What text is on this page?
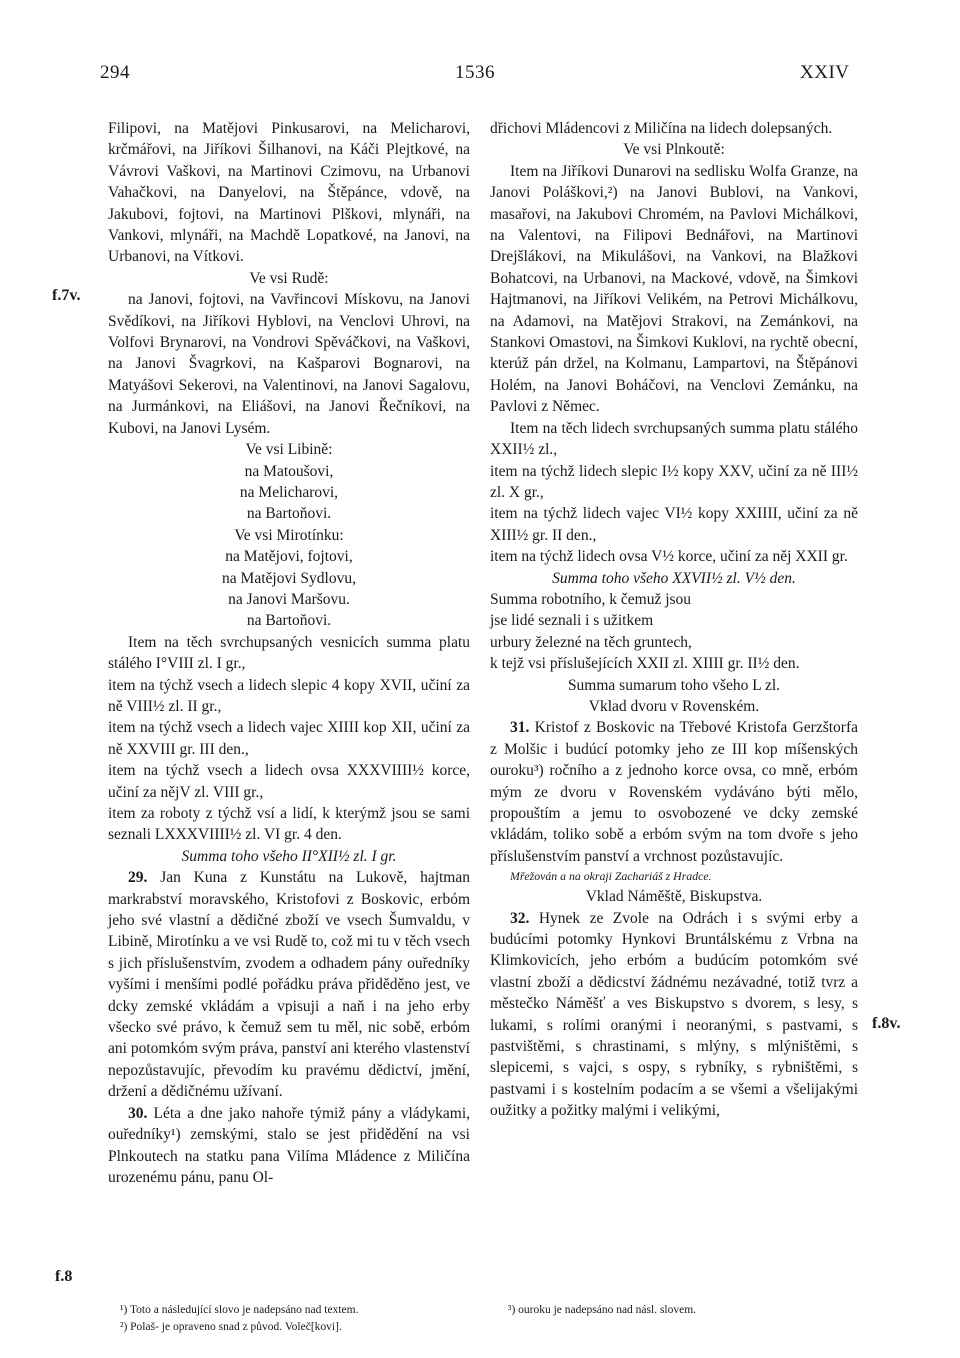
294	1536	XXIV
f.7v.
f.8
f.8v.

Filipovi, na Matějovi Pinkusarovi, na Melicharovi, krčmářovi, na Jiříkovi Šilhanovi, na Káči Plejtkové, na Vávrovi Vaškovi, na Martinovi Czimovu, na Urbanovi Vahačkovi, na Danyelovi, na Štěpánce, vdově, na Jakubovi, fojtovi, na Martinovi Plškovi, mlynáři, na Vankovi, mlynáři, na Machdě Lopatkové, na Janovi, na Urbanovi, na Vítkovi.

Ve vsi Rudě:

na Janovi, fojtovi, na Vavřincovi Mískovu, na Janovi Svědíkovi, na Jiříkovi Hyblovi, na Venclovi Uhrovi, na Volfovi Brynarovi, na Vondrovi Spěváčkovi, na Vaškovi, na Janovi Švagrkovi, na Kašparovi Bognarovi, na Matyášovi Sekerovi, na Valentinovi, na Janovi Sagalovu, na Jurmánkovi, na Eliášovi, na Janovi Řečníkovi, na Kubovi, na Janovi Lysém.

Ve vsi Libině:

na Matoušovi,

na Melicharovi,

na Bartoňovi.

Ve vsi Mirotínku:

na Matějovi, fojtovi,

na Matějovi Sydlovu,

na Janovi Maršovu.

na Bartoňovi.

Item na těch svrchupsaných vesnicích summa platu stálého I°VIII zl. I gr.,

item na týchž vsech a lidech slepic 4 kopy XVII, učiní za ně VIII½ zl. II gr.,

item na týchž vsech a lidech vajec XIIII kop XII, učiní za ně XXVIII gr. III den.,

item na týchž vsech a lidech ovsa XXXVIIII½ korce, učiní za nějV zl. VIII gr.,

item za roboty z týchž vsí a lidí, k kterýmž jsou se sami seznali LXXXVIIII½ zl. VI gr. 4 den.

Summa toho všeho II°XII½ zl. I gr.

29. Jan Kuna z Kunstátu na Lukově, hajtman markrabství moravského, Kristofovi z Boskovic, erbóm jeho své vlastní a dědičné zboží ve vsech Šumvaldu, v Libině, Mirotínku a ve vsi Rudě to, což mi tu v těch vsech s jich příslušenstvím, zvodem a odhadem pány ouředníky vyšími i menšími podlé pořádku práva přiděděno jest, ve dcky zemské vkládám a vpisuji a naň i na jeho erby všecko své právo, k čemuž sem tu měl, nic sobě, erbóm ani potomkóm svým práva, panství ani kterého vlastenství nepozůstavujíc, převodím ku pravému dědictví, jmění, držení a dědičnému užívaní.

30. Léta a dne jako nahoře týmiž pány a vládykami, ouředníky¹) zemskými, stalo se jest přidědění na vsi Plnkoutech na statku pana Vilíma Mládence z Miličína urozenému pánu, panu Ol-

dřichovi Mládencovi z Miličína na lidech dolepsaných.

Ve vsi Plnkoutě:

Item na Jiříkovi Dunarovi na sedlisku Wolfa Granze, na Janovi Poláškovi,²) na Janovi Bublovi, na Vankovi, masařovi, na Jakubovi Chromém, na Pavlovi Michálkovi, na Valentovi, na Filipovi Bednářovi, na Martinovi Drejšlákovi, na Mikulášovi, na Vankovi, na Blažkovi Bohatcovi, na Urbanovi, na Mackové, vdově, na Šimkovi Hajtmanovi, na Jiříkovi Velikém, na Petrovi Michálkovu, na Adamovi, na Matějovi Strakovi, na Zemánkovi, na Stankovi Omastovi, na Šimkovi Kuklovi, na rychtě obecní, kterúž pán držel, na Kolmanu, Lampartovi, na Štěpánovi Holém, na Janovi Boháčovi, na Venclovi Zemánku, na Pavlovi z Němec.

Item na těch lidech svrchupsaných summa platu stálého XXII½ zl.,

item na týchž lidech slepic I½ kopy XXV, učiní za ně III½ zl. X gr.,

item na týchž lidech vajec VI½ kopy XXIIII, učiní za ně XIII½ gr. II den.,

item na týchž lidech ovsa V½ korce, učiní za něj XXII gr.

Summa toho všeho XXVII½ zl. V½ den.

Summa robotního, k čemuž jsou

jse lidé seznali i s užitkem

urbury železné na těch gruntech,

k tejž vsi příslušejících XXII zl. XIIII gr. II½ den.

Summa sumarum toho všeho L zl.

Vklad dvoru v Rovenském.

31. Kristof z Boskovic na Třebové Kristofa Gerzštorfa z Molšic i budúcí potomky jeho ze III kop míšenských ouroku³) ročního a z jednoho korce ovsa, co mně, erbóm mým ze dvoru v Rovenském vydáváno býti mělo, propouštím a jemu to osvobozené ve dcky zemské vkládám, toliko sobě a erbóm svým na tom dvoře s jeho příslušenstvím panství a vrchnost pozůstavujíc.

Mřežován a na okraji Zachariáš z Hradce.

Vklad Náměště, Biskupstva.

32. Hynek ze Zvole na Odrách i s svými erby a budúcími potomky Hynkovi Bruntálskému z Vrbna na Klimkovicích, jeho erbóm a budúcím potomkóm své vlastní zboží a dědicství žádnému nezávadné, totiž tvrz a městečko Náměšť a ves Biskupstvo s dvorem, s lesy, s lukami, s rolími oranými i neoranými, s pastvami, s pastvištěmi, s chrastinami, s mlýny, s mlýništěmi, s slepicemi, s vajci, s ospy, s rybníky, s rybništěmi, s pastvami i s kostelním podacím a se všemi a všelijakými oužitky a požitky malými i velikými,

¹) Toto a následující slovo je nadepsáno nad textem.
²) Polaš- je opraveno snad z původ. Voleč[kovi].
³) ouroku je nadepsáno nad násl. slovem.
